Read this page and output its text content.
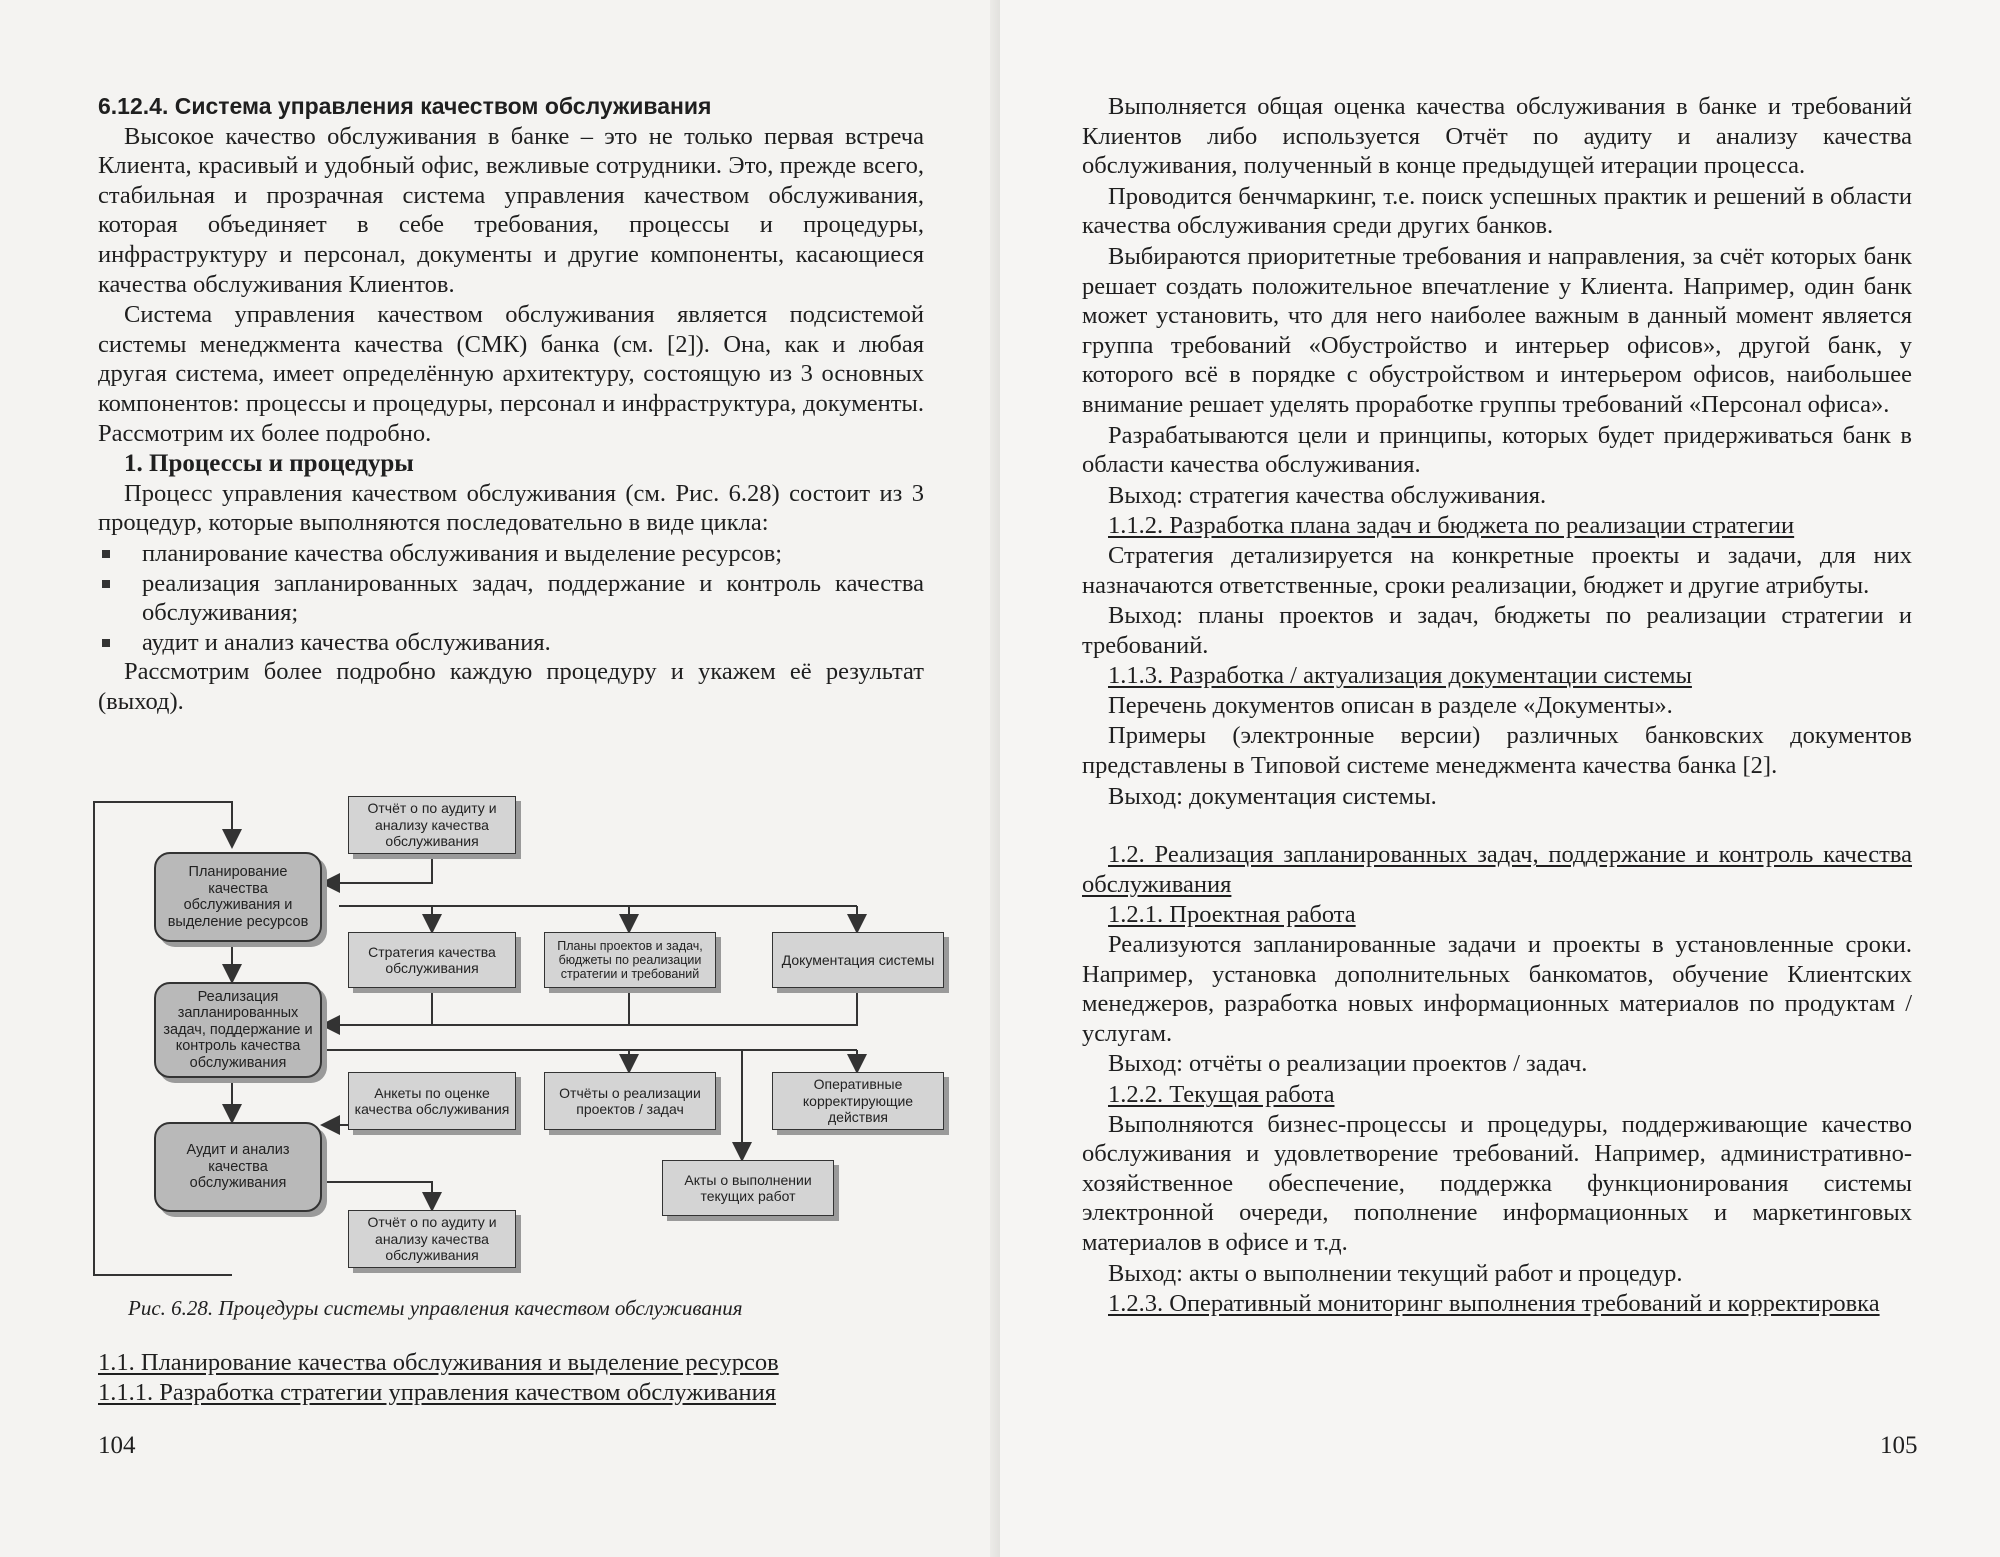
6.12.4. Система управления качеством обслуживания

Высокое качество обслуживания в банке – это не только первая встреча Клиента, красивый и удобный офис, вежливые сотрудники. Это, прежде всего, стабильная и прозрачная система управления качеством обслуживания, которая объединяет в себе требования, процессы и процедуры, инфраструктуру и персонал, документы и другие компоненты, касающиеся качества обслуживания Клиентов.

Система управления качеством обслуживания является подсистемой системы менеджмента качества (СМК) банка (см. [2]). Она, как и любая другая система, имеет определённую архитектуру, состоящую из 3 основных компонентов: процессы и процедуры, персонал и инфраструктура, документы. Рассмотрим их более подробно.

1. Процессы и процедуры

Процесс управления качеством обслуживания (см. Рис. 6.28) состоит из 3 процедур, которые выполняются последовательно в виде цикла:

планирование качества обслуживания и выделение ресурсов;
реализация запланированных задач, поддержание и контроль качества обслуживания;
аудит и анализ качества обслуживания.

Рассмотрим более подробно каждую процедуру и укажем её результат (выход).

Отчёт о по аудиту и анализу качества обслуживания
Планирование качества обслуживания и выделение ресурсов
Стратегия качества обслуживания
Планы проектов и задач, бюджеты по реализации стратегии и требований
Документация системы
Реализация запланированных задач, поддержание и контроль качества обслуживания
Анкеты по оценке качества обслуживания
Отчёты о реализации проектов / задач
Оперативные корректирующие действия
Аудит и анализ качества обслуживания	Акты о выполнении текущих работ
Отчёт о по аудиту и анализу качества обслуживания
Рис. 6.28. Процедуры системы управления качеством обслуживания
1.1. Планирование качества обслуживания и выделение ресурсов
1.1.1. Разработка стратегии управления качеством обслуживания
104

Выполняется общая оценка качества обслуживания в банке и требований Клиентов либо используется Отчёт по аудиту и анализу качества обслуживания, полученный в конце предыдущей итерации процесса.

Проводится бенчмаркинг, т.е. поиск успешных практик и решений в области качества обслуживания среди других банков.

Выбираются приоритетные требования и направления, за счёт которых банк решает создать положительное впечатление у Клиента. Например, один банк может установить, что для него наиболее важным в данный момент является группа требований «Обустройство и интерьер офисов», другой банк, у которого всё в порядке с обустройством и интерьером офисов, наибольшее внимание решает уделять проработке группы требований «Персонал офиса».

Разрабатываются цели и принципы, которых будет придерживаться банк в области качества обслуживания.

Выход: стратегия качества обслуживания.

1.1.2. Разработка плана задач и бюджета по реализации стратегии

Стратегия детализируется на конкретные проекты и задачи, для них назначаются ответственные, сроки реализации, бюджет и другие атрибуты.

Выход: планы проектов и задач, бюджеты по реализации стратегии и требований.

1.1.3. Разработка / актуализация документации системы

Перечень документов описан в разделе «Документы».

Примеры (электронные версии) различных банковских документов представлены в Типовой системе менеджмента качества банка [2].

Выход: документация системы.

1.2. Реализация запланированных задач, поддержание и контроль качества обслуживания

1.2.1. Проектная работа

Реализуются запланированные задачи и проекты в установленные сроки. Например, установка дополнительных банкоматов, обучение Клиентских менеджеров, разработка новых информационных материалов по продуктам / услугам.

Выход: отчёты о реализации проектов / задач.

1.2.2. Текущая работа

Выполняются бизнес-процессы и процедуры, поддерживающие качество обслуживания и удовлетворение требований. Например, административно-хозяйственное обеспечение, поддержка функционирования системы электронной очереди, пополнение информационных и маркетинговых материалов в офисе и т.д.

Выход: акты о выполнении текущий работ и процедур.

1.2.3. Оперативный мониторинг выполнения требований и корректировка

105
